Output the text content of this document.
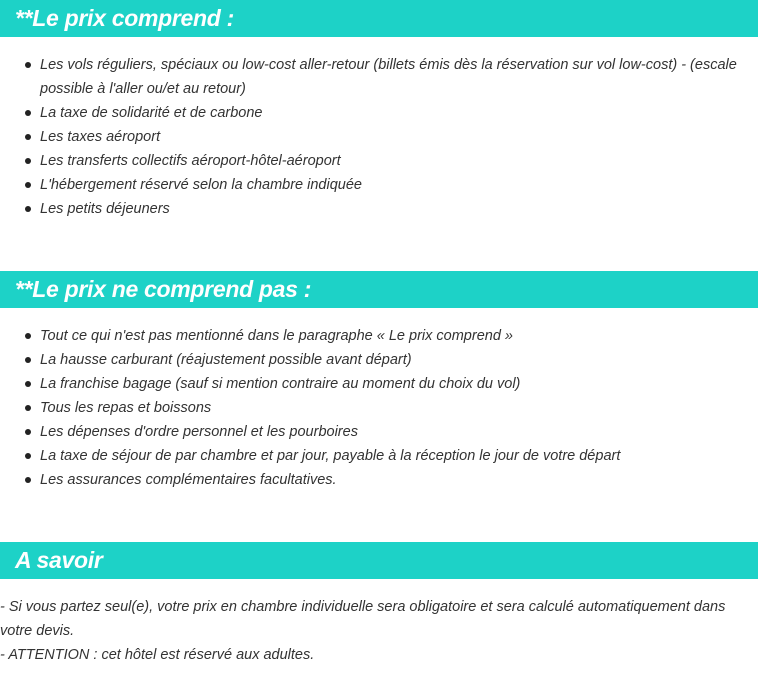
**Le prix comprend :
Les vols réguliers, spéciaux ou low-cost aller-retour (billets émis dès la réservation sur vol low-cost) - (escale possible à l'aller ou/et au retour)
La taxe de solidarité et de carbone
Les taxes aéroport
Les transferts collectifs aéroport-hôtel-aéroport
L'hébergement réservé selon la chambre indiquée
Les petits déjeuners
**Le prix ne comprend pas :
Tout ce qui n'est pas mentionné dans le paragraphe « Le prix comprend »
La hausse carburant (réajustement possible avant départ)
La franchise bagage (sauf si mention contraire au moment du choix du vol)
Tous les repas et boissons
Les dépenses d'ordre personnel et les pourboires
La taxe de séjour de par chambre et par jour, payable à la réception le jour de votre départ
Les assurances complémentaires facultatives.
A savoir

- Si vous partez seul(e), votre prix en chambre individuelle sera obligatoire et sera calculé automatiquement dans votre devis.

- ATTENTION : cet hôtel est réservé aux adultes.
